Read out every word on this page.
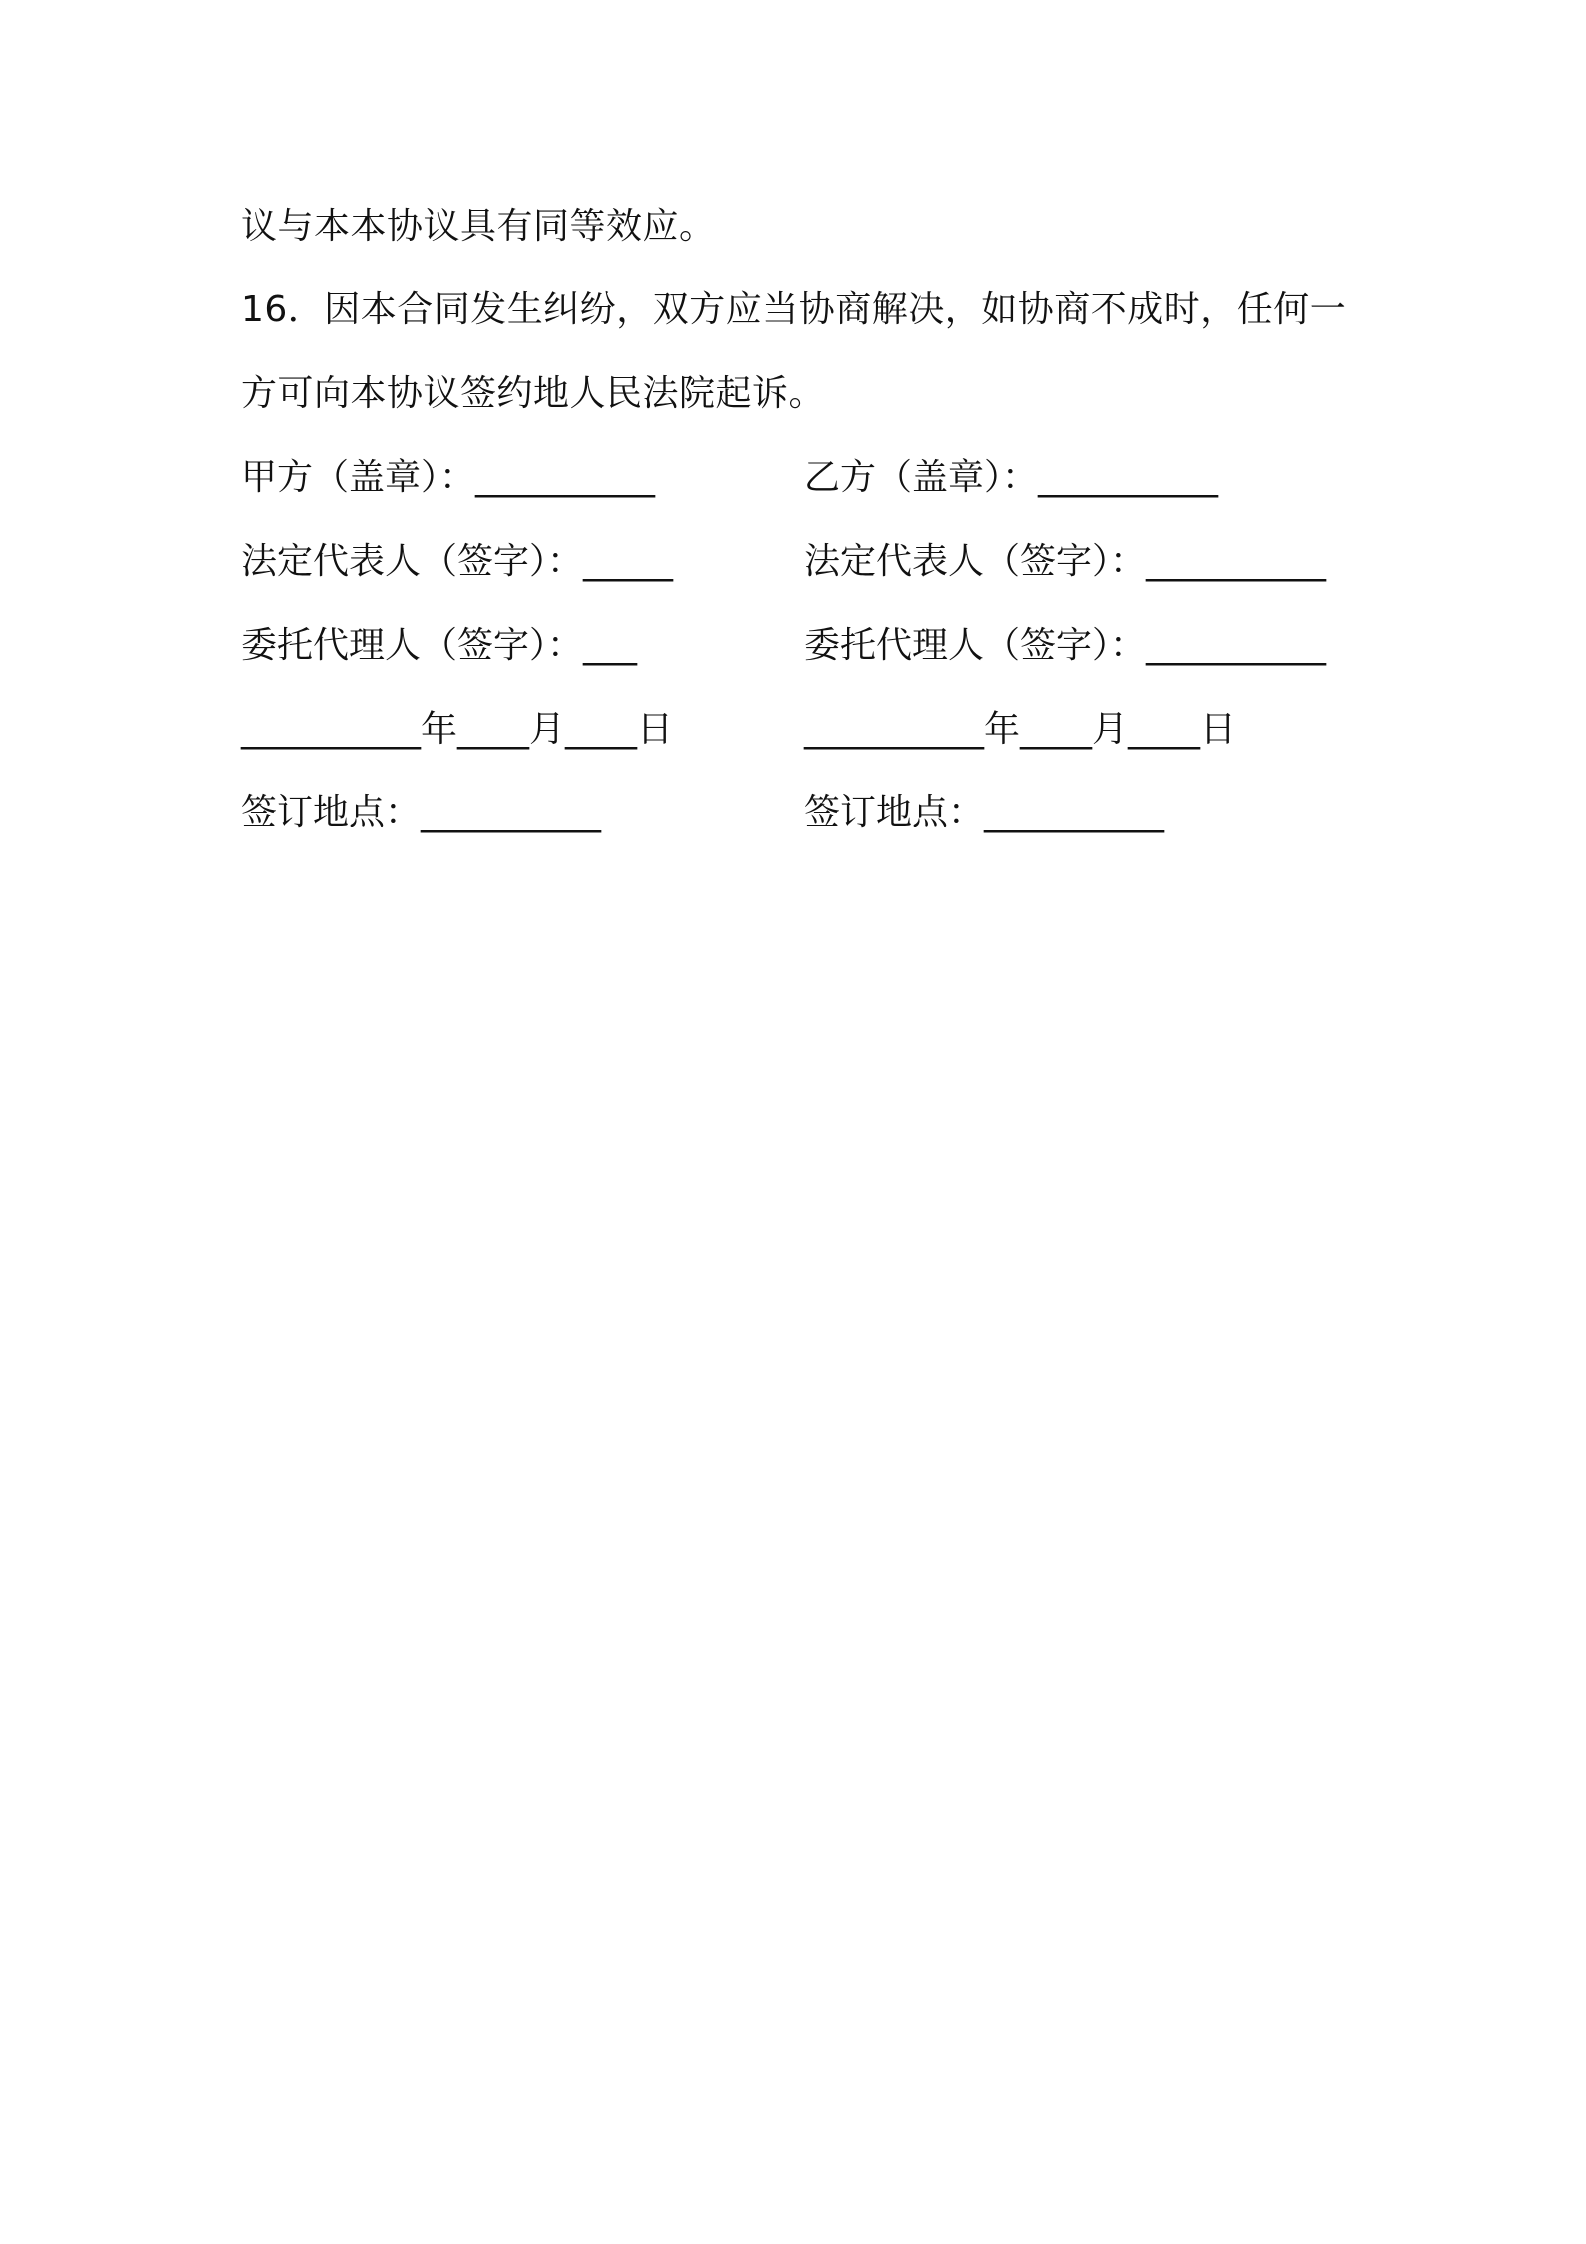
议与本本协议具有同等效应。
16．因本合同发生纠纷，双方应当协商解决，如协商不成时，任何一
方可向本协议签约地人民法院起诉。
甲方（盖章）：__________	乙方（盖章）：__________
法定代表人（签字）：_____	法定代表人（签字）：__________
委托代理人（签字）：___	委托代理人（签字）：__________
__________年____月____日	__________年____月____日
签订地点：__________	签订地点：__________
